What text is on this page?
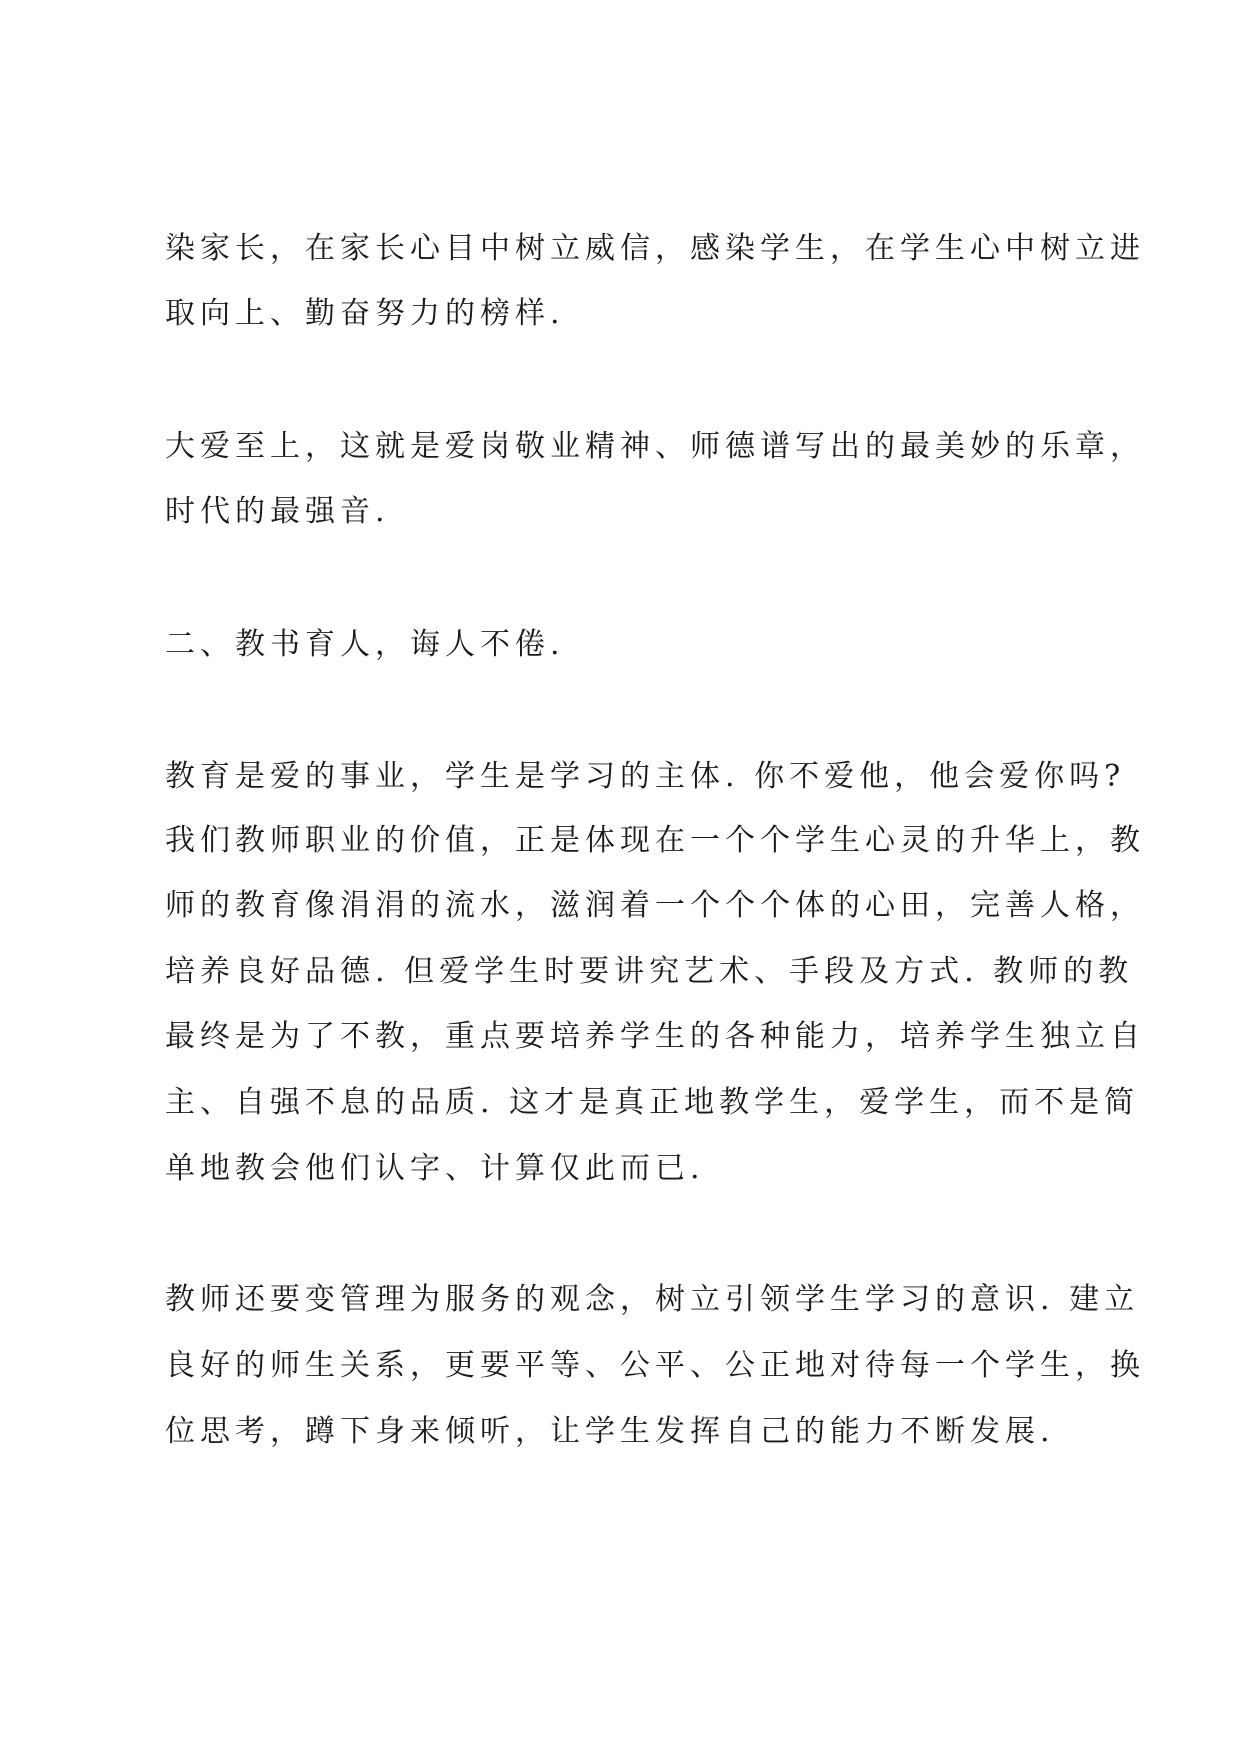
染家长，在家长心目中树立威信，感染学生，在学生心中树立进
取向上、勤奋努力的榜样.
大爱至上，这就是爱岗敬业精神、师德谱写出的最美妙的乐章，
时代的最强音.
二、教书育人，诲人不倦.
教育是爱的事业，学生是学习的主体. 你不爱他，他会爱你吗?
我们教师职业的价值，正是体现在一个个学生心灵的升华上，教
师的教育像涓涓的流水，滋润着一个个个体的心田，完善人格，
培养良好品德. 但爱学生时要讲究艺术、手段及方式. 教师的教
最终是为了不教，重点要培养学生的各种能力，培养学生独立自
主、自强不息的品质. 这才是真正地教学生，爱学生，而不是简
单地教会他们认字、计算仅此而已.
教师还要变管理为服务的观念，树立引领学生学习的意识. 建立
良好的师生关系，更要平等、公平、公正地对待每一个学生，换
位思考，蹲下身来倾听，让学生发挥自己的能力不断发展.
